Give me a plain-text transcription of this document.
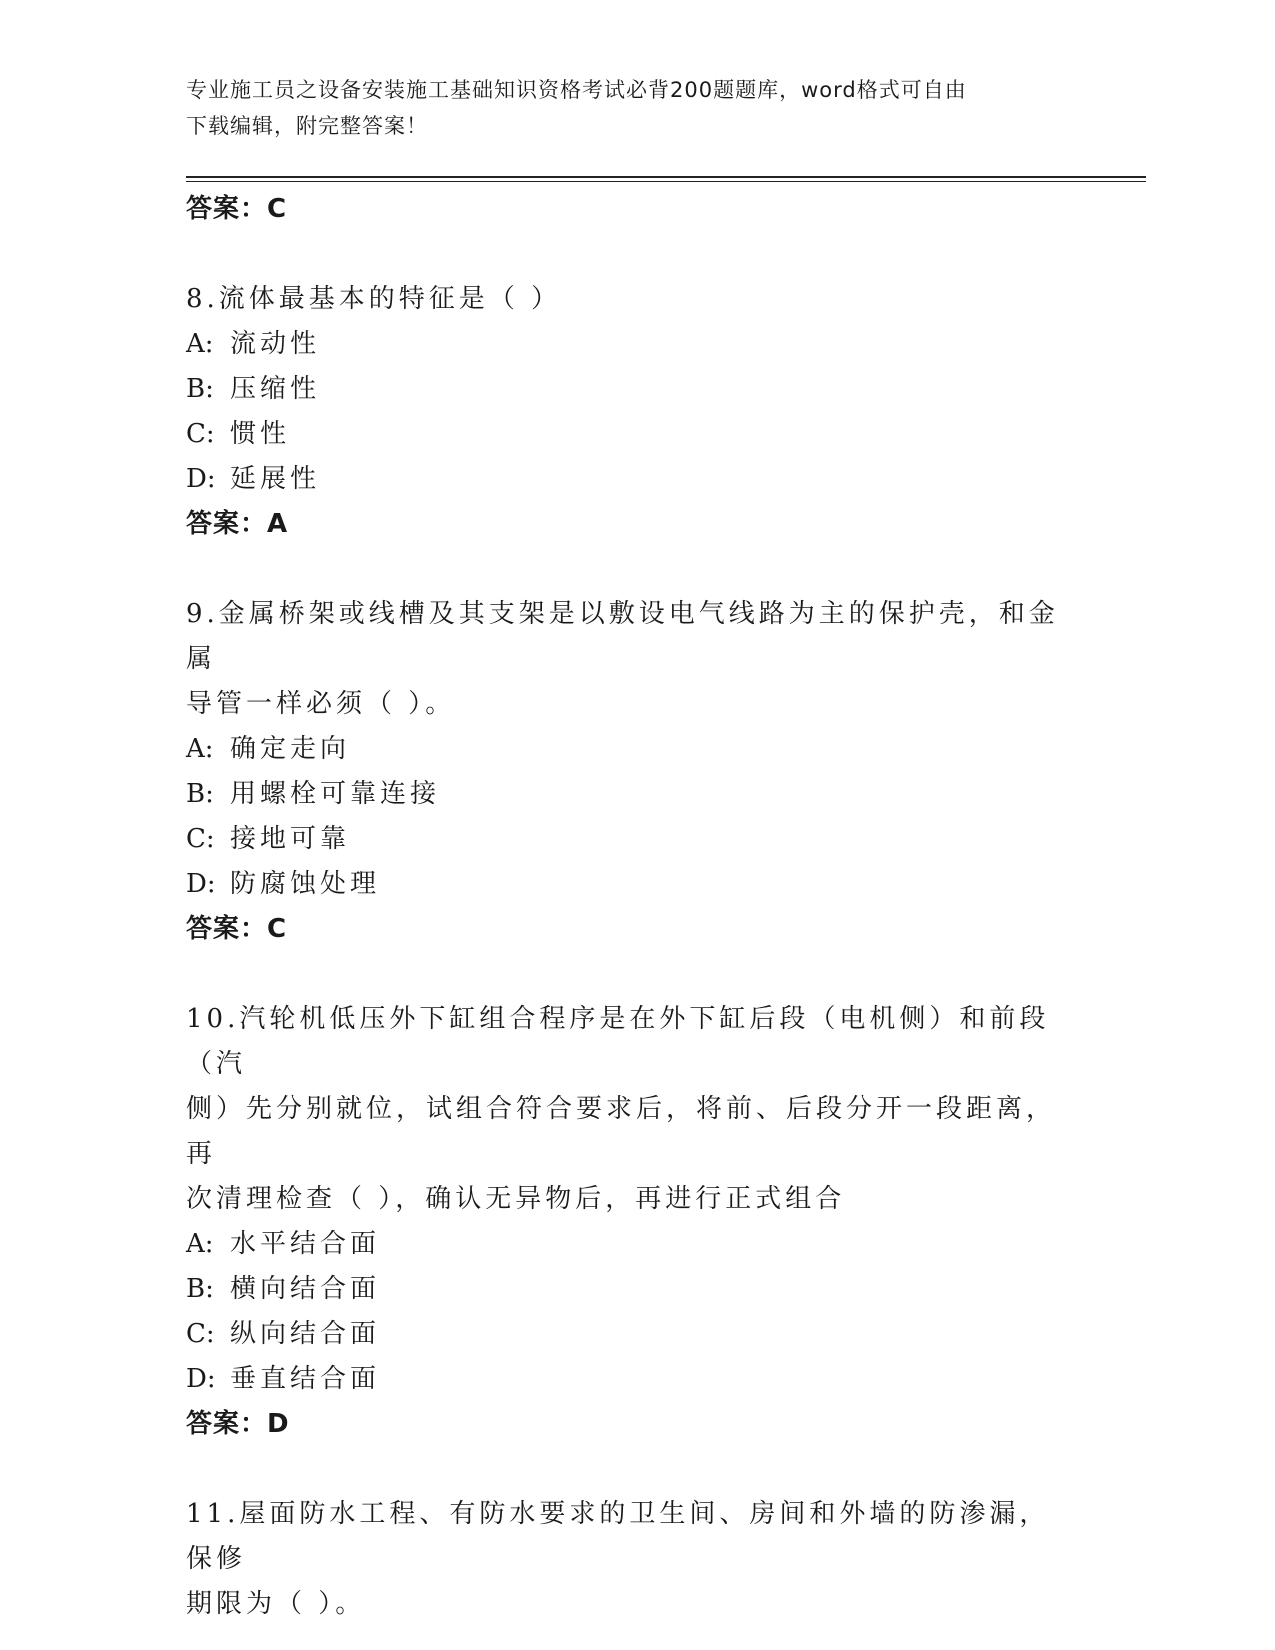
专业施工员之设备安装施工基础知识资格考试必背200题题库，word格式可自由
下载编辑，附完整答案！
答案：C
8.流体最基本的特征是（ ）
A: 流动性
B: 压缩性
C: 惯性
D: 延展性
答案：A
9.金属桥架或线槽及其支架是以敷设电气线路为主的保护壳，和金属
导管一样必须（ ）。
A: 确定走向
B: 用螺栓可靠连接
C: 接地可靠
D: 防腐蚀处理
答案：C
10.汽轮机低压外下缸组合程序是在外下缸后段（电机侧）和前段（汽
侧）先分别就位，试组合符合要求后，将前、后段分开一段距离，再
次清理检查（ ），确认无异物后，再进行正式组合
A: 水平结合面
B: 横向结合面
C: 纵向结合面
D: 垂直结合面
答案：D
11.屋面防水工程、有防水要求的卫生间、房间和外墙的防渗漏，保修
期限为（ ）。
